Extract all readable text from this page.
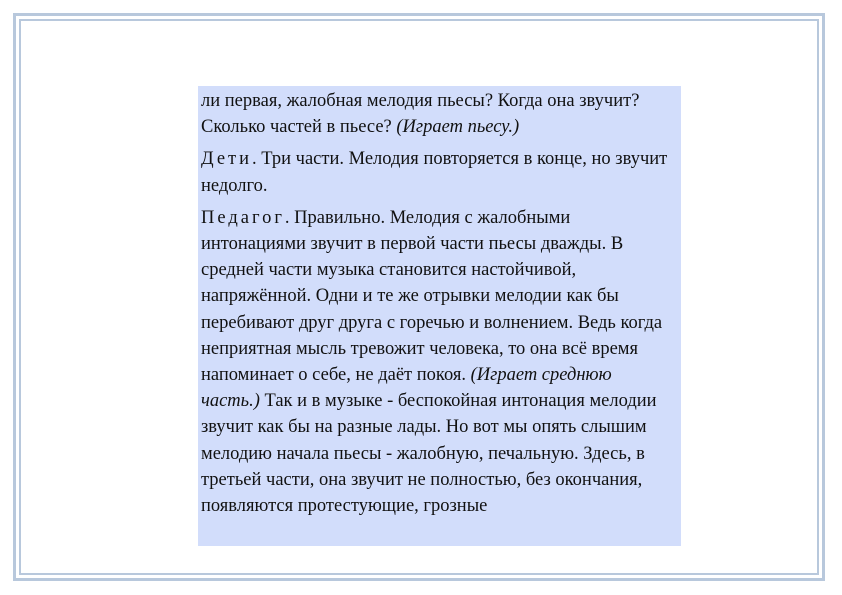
ли первая, жалобная мелодия пьесы? Когда она звучит? Сколько частей в пьесе? (Играет пьесу.)

Дети. Три части. Мелодия повторяется в конце, но звучит недолго.

Педагог. Правильно. Мелодия с жалобными интонациями звучит в первой части пьесы дважды. В средней части музыка становится настойчивой, напряжённой. Одни и те же отрывки мелодии как бы перебивают друг друга с горечью и волнением. Ведь когда неприятная мысль тревожит человека, то она всё время напоминает о себе, не даёт покоя. (Играет среднюю часть.) Так и в музыке - беспокойная интонация мелодии звучит как бы на разные лады. Но вот мы опять слышим мелодию начала пьесы - жалобную, печальную. Здесь, в третьей части, она звучит не полностью, без окончания, появляются протестующие, грозные
